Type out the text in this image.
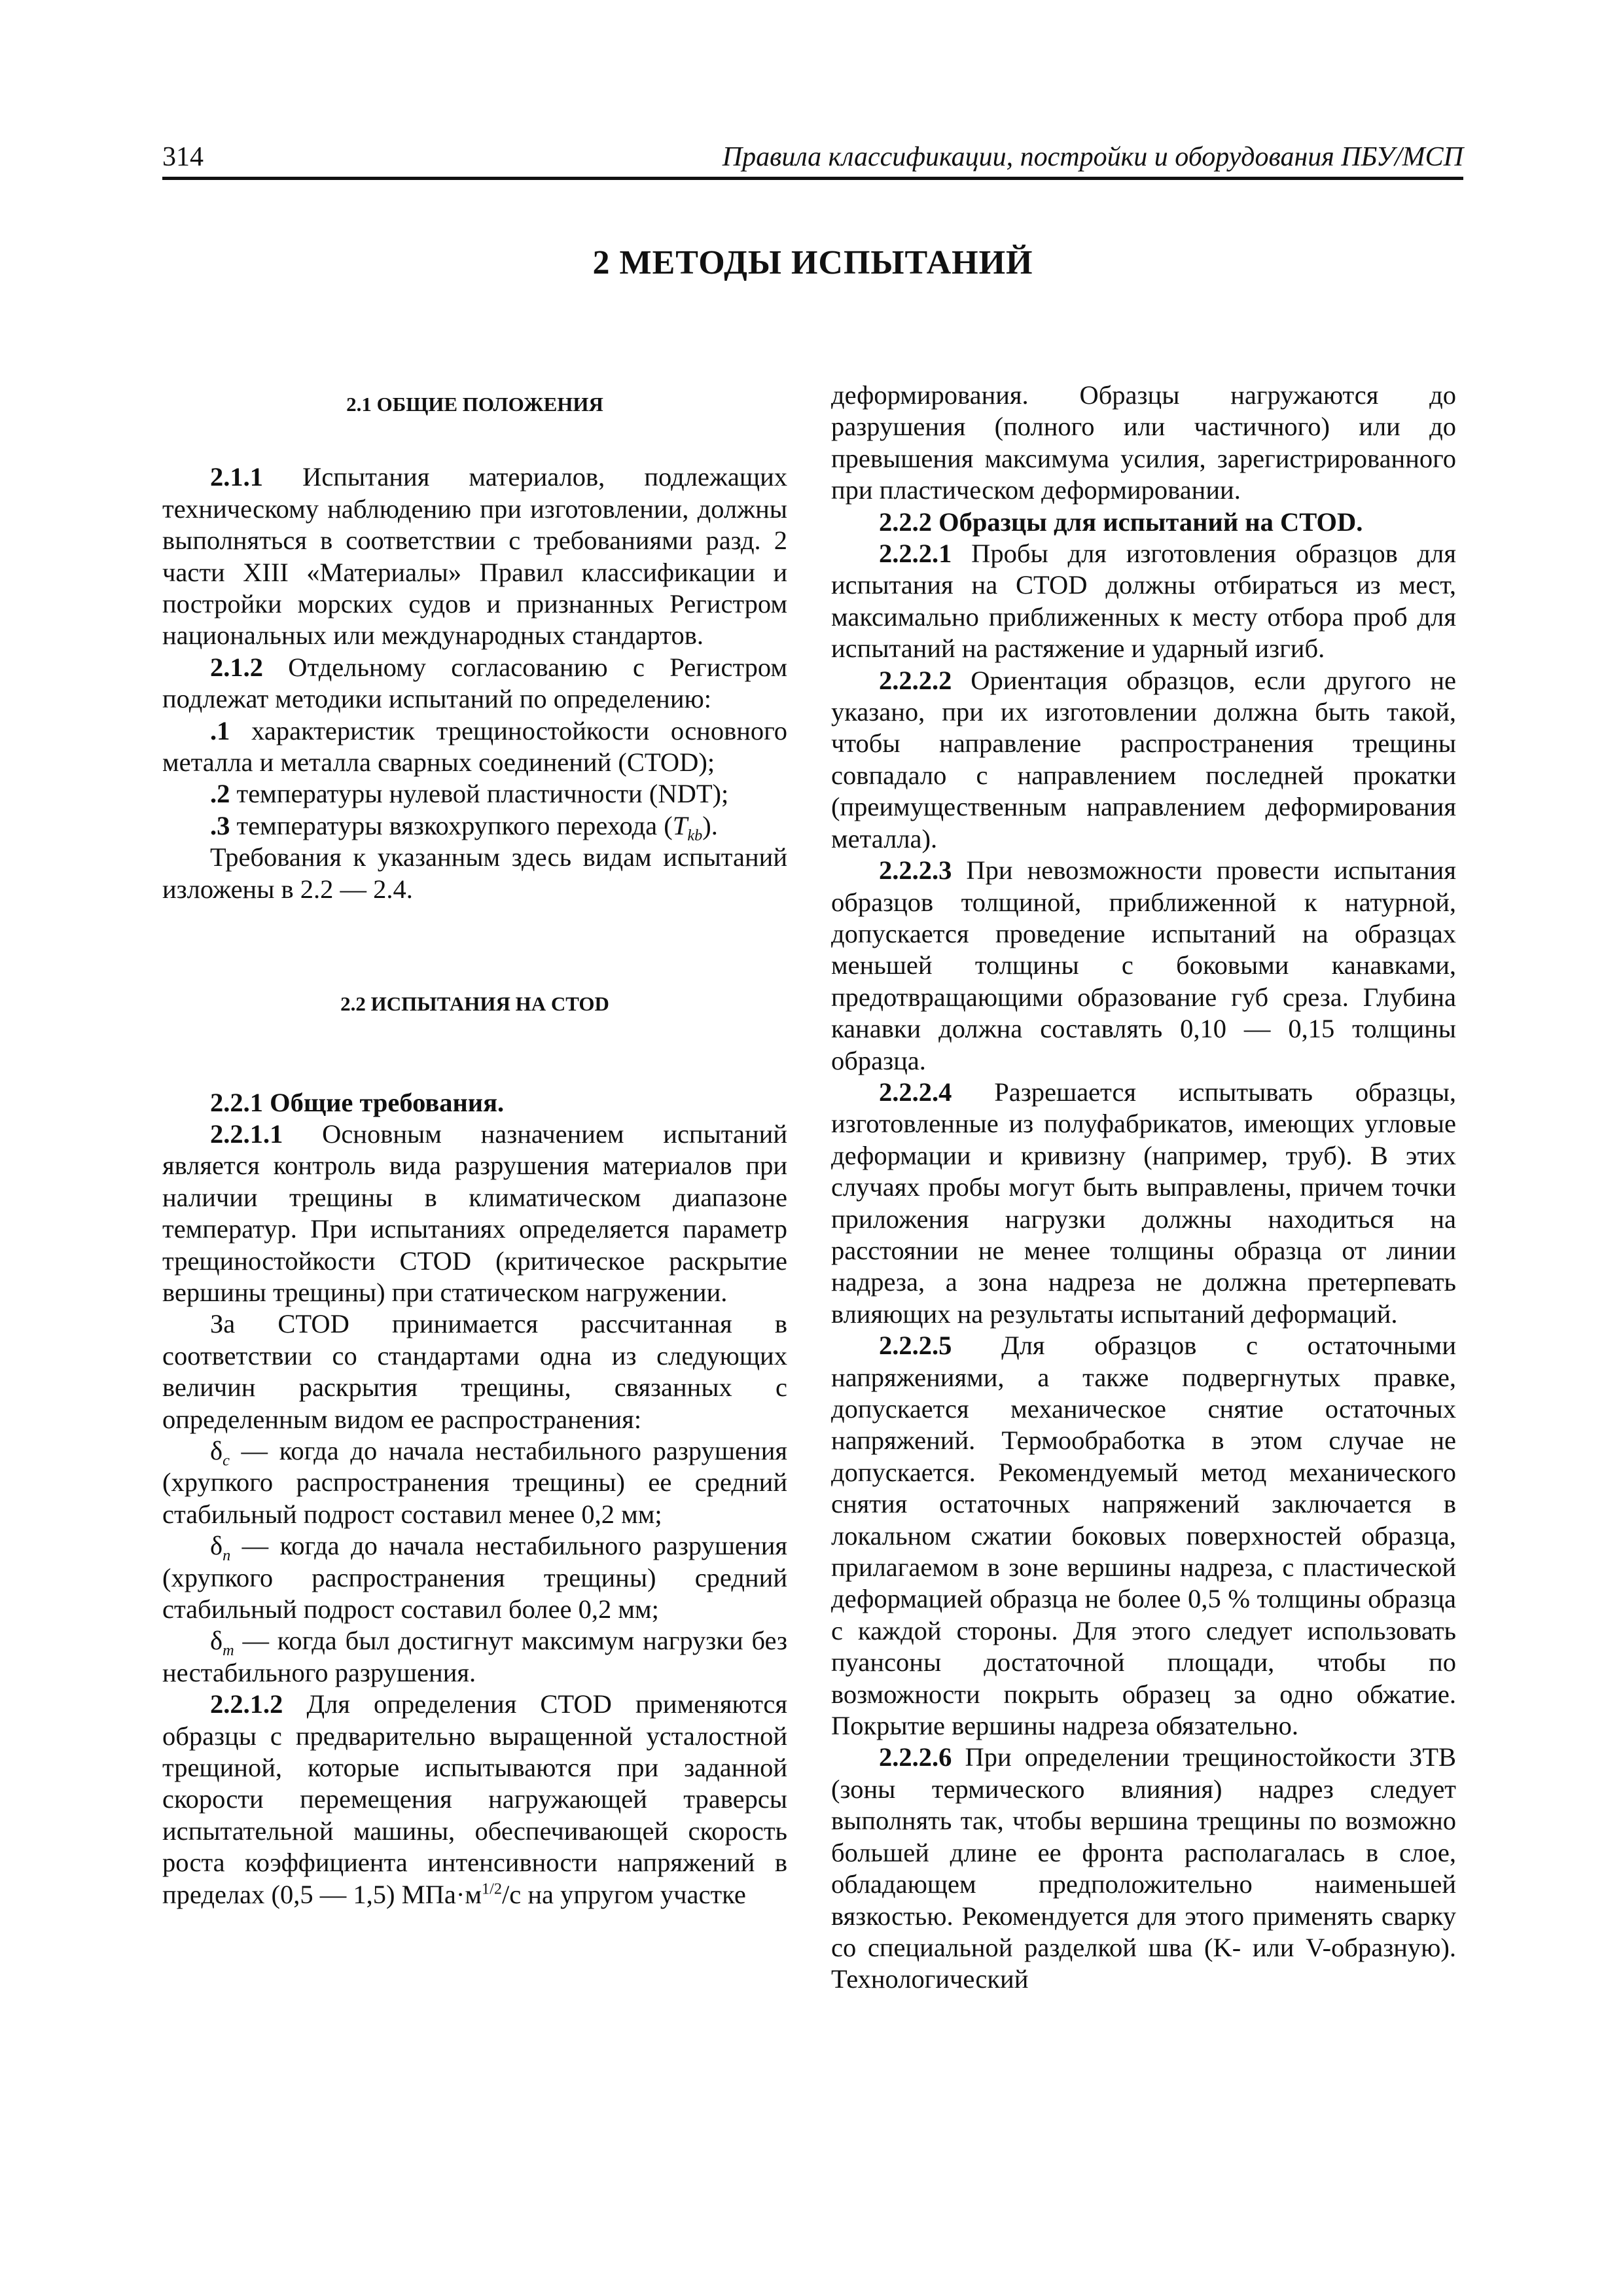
314	Правила классификации, постройки и оборудования ПБУ/МСП
2 МЕТОДЫ ИСПЫТАНИЙ

2.1 ОБЩИЕ ПОЛОЖЕНИЯ

2.1.1 Испытания материалов, подлежащих техническому наблюдению при изготовлении, должны выполняться в соответствии с требованиями разд. 2 части XIII «Материалы» Правил классификации и постройки морских судов и признанных Регистром национальных или международных стандартов.

2.1.2 Отдельному согласованию с Регистром подлежат методики испытаний по определению:

.1 характеристик трещиностойкости основного металла и металла сварных соединений (CTOD);

.2 температуры нулевой пластичности (NDT);

.3 температуры вязкохрупкого перехода $(T_{kb})$.

Требования к указанным здесь видам испытаний изложены в 2.2 — 2.4.

2.2 ИСПЫТАНИЯ НА CTOD

2.2.1 Общие требования.

2.2.1.1 Основным назначением испытаний является контроль вида разрушения материалов при наличии трещины в климатическом диапазоне температур. При испытаниях определяется параметр трещиностойкости CTOD (критическое раскрытие вершины трещины) при статическом нагружении.

За CTOD принимается рассчитанная в соответствии со стандартами одна из следующих величин раскрытия трещины, связанных с определенным видом ее распространения:

$\delta_c$ — когда до начала нестабильного разрушения (хрупкого распространения трещины) ее средний стабильный подрост составил менее 0,2 мм;

$\delta_n$ — когда до начала нестабильного разрушения (хрупкого распространения трещины) средний стабильный подрост составил более 0,2 мм;

$\delta_m$ — когда был достигнут максимум нагрузки без нестабильного разрушения.

2.2.1.2 Для определения CTOD применяются образцы с предварительно выращенной усталостной трещиной, которые испытываются при заданной скорости перемещения нагружающей траверсы испытательной машины, обеспечивающей скорость роста коэффициента интенсивности напряжений в пределах (0,5 — 1,5) $МПа\cdot м^{1/2}/с$ на упругом участке

деформирования. Образцы нагружаются до разрушения (полного или частичного) или до превышения максимума усилия, зарегистрированного при пластическом деформировании.

2.2.2 Образцы для испытаний на CTOD.

2.2.2.1 Пробы для изготовления образцов для испытания на CTOD должны отбираться из мест, максимально приближенных к месту отбора проб для испытаний на растяжение и ударный изгиб.

2.2.2.2 Ориентация образцов, если другого не указано, при их изготовлении должна быть такой, чтобы направление распространения трещины совпадало с направлением последней прокатки (преимущественным направлением деформирования металла).

2.2.2.3 При невозможности провести испытания образцов толщиной, приближенной к натурной, допускается проведение испытаний на образцах меньшей толщины с боковыми канавками, предотвращающими образование губ среза. Глубина канавки должна составлять 0,10 — 0,15 толщины образца.

2.2.2.4 Разрешается испытывать образцы, изготовленные из полуфабрикатов, имеющих угловые деформации и кривизну (например, труб). В этих случаях пробы могут быть выправлены, причем точки приложения нагрузки должны находиться на расстоянии не менее толщины образца от линии надреза, а зона надреза не должна претерпевать влияющих на результаты испытаний деформаций.

2.2.2.5 Для образцов с остаточными напряжениями, а также подвергнутых правке, допускается механическое снятие остаточных напряжений. Термообработка в этом случае не допускается. Рекомендуемый метод механического снятия остаточных напряжений заключается в локальном сжатии боковых поверхностей образца, прилагаемом в зоне вершины надреза, с пластической деформацией образца не более 0,5 % толщины образца с каждой стороны. Для этого следует использовать пуансоны достаточной площади, чтобы по возможности покрыть образец за одно обжатие. Покрытие вершины надреза обязательно.

2.2.2.6 При определении трещиностойкости ЗТВ (зоны термического влияния) надрез следует выполнять так, чтобы вершина трещины по возможно большей длине ее фронта располагалась в слое, обладающем предположительно наименьшей вязкостью. Рекомендуется для этого применять сварку со специальной разделкой шва (K- или V-образную). Технологический
